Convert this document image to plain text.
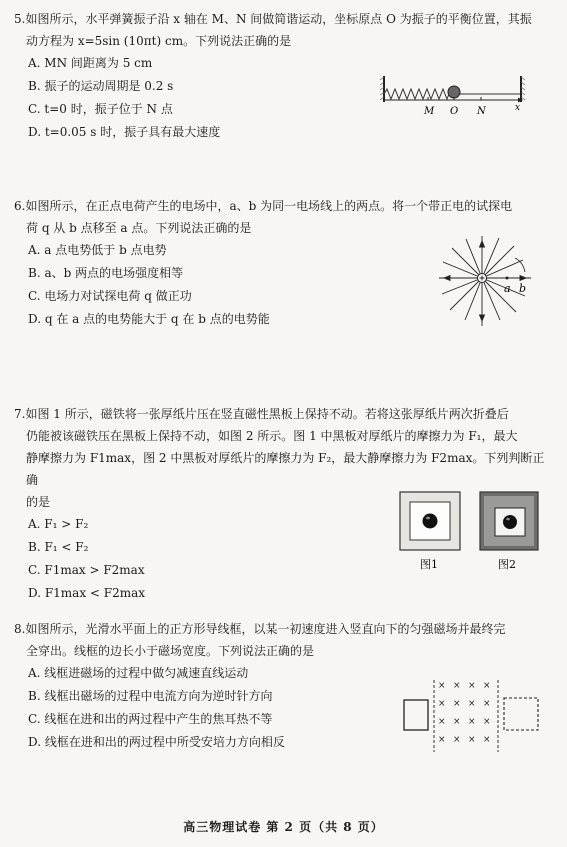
5.如图所示，水平弹簧振子沿 x 轴在 M、N 间做简谐运动，坐标原点 O 为振子的平衡位置，其振

动方程为 x=5sin (10πt) cm。下列说法正确的是

A. MN 间距离为 5 cm

B. 振子的运动周期是 0.2 s

C. t=0 时，振子位于 N 点

D. t=0.05 s 时，振子具有最大速度

M O N	x

6.如图所示，在正点电荷产生的电场中，a、b 为同一电场线上的两点。将一个带正电的试探电

荷 q 从 b 点移至 a 点。下列说法正确的是

A. a 点电势低于 b 点电势

B. a、b 两点的电场强度相等

C. 电场力对试探电荷 q 做正功

D. q 在 a 点的电势能大于 q 在 b 点的电势能

a b

7.如图 1 所示，磁铁将一张厚纸片压在竖直磁性黑板上保持不动。若将这张厚纸片两次折叠后

仍能被该磁铁压在黑板上保持不动，如图 2 所示。图 1 中黑板对厚纸片的摩擦力为 F₁，最大

静摩擦力为 F1max，图 2 中黑板对厚纸片的摩擦力为 F₂，最大静摩擦力为 F2max。下列判断正确

的是

A. F₁ > F₂

B. F₁ < F₂

C. F1max > F2max

D. F1max < F2max

图1	图2

8.如图所示，光滑水平面上的正方形导线框，以某一初速度进入竖直向下的匀强磁场并最终完

全穿出。线框的边长小于磁场宽度。下列说法正确的是

A. 线框进磁场的过程中做匀减速直线运动

B. 线框出磁场的过程中电流方向为逆时针方向

C. 线框在进和出的两过程中产生的焦耳热不等

D. 线框在进和出的两过程中所受安培力方向相反

× × × ×
× × × ×
× × × ×
× × × ×
高三物理试卷 第 2 页（共 8 页）
